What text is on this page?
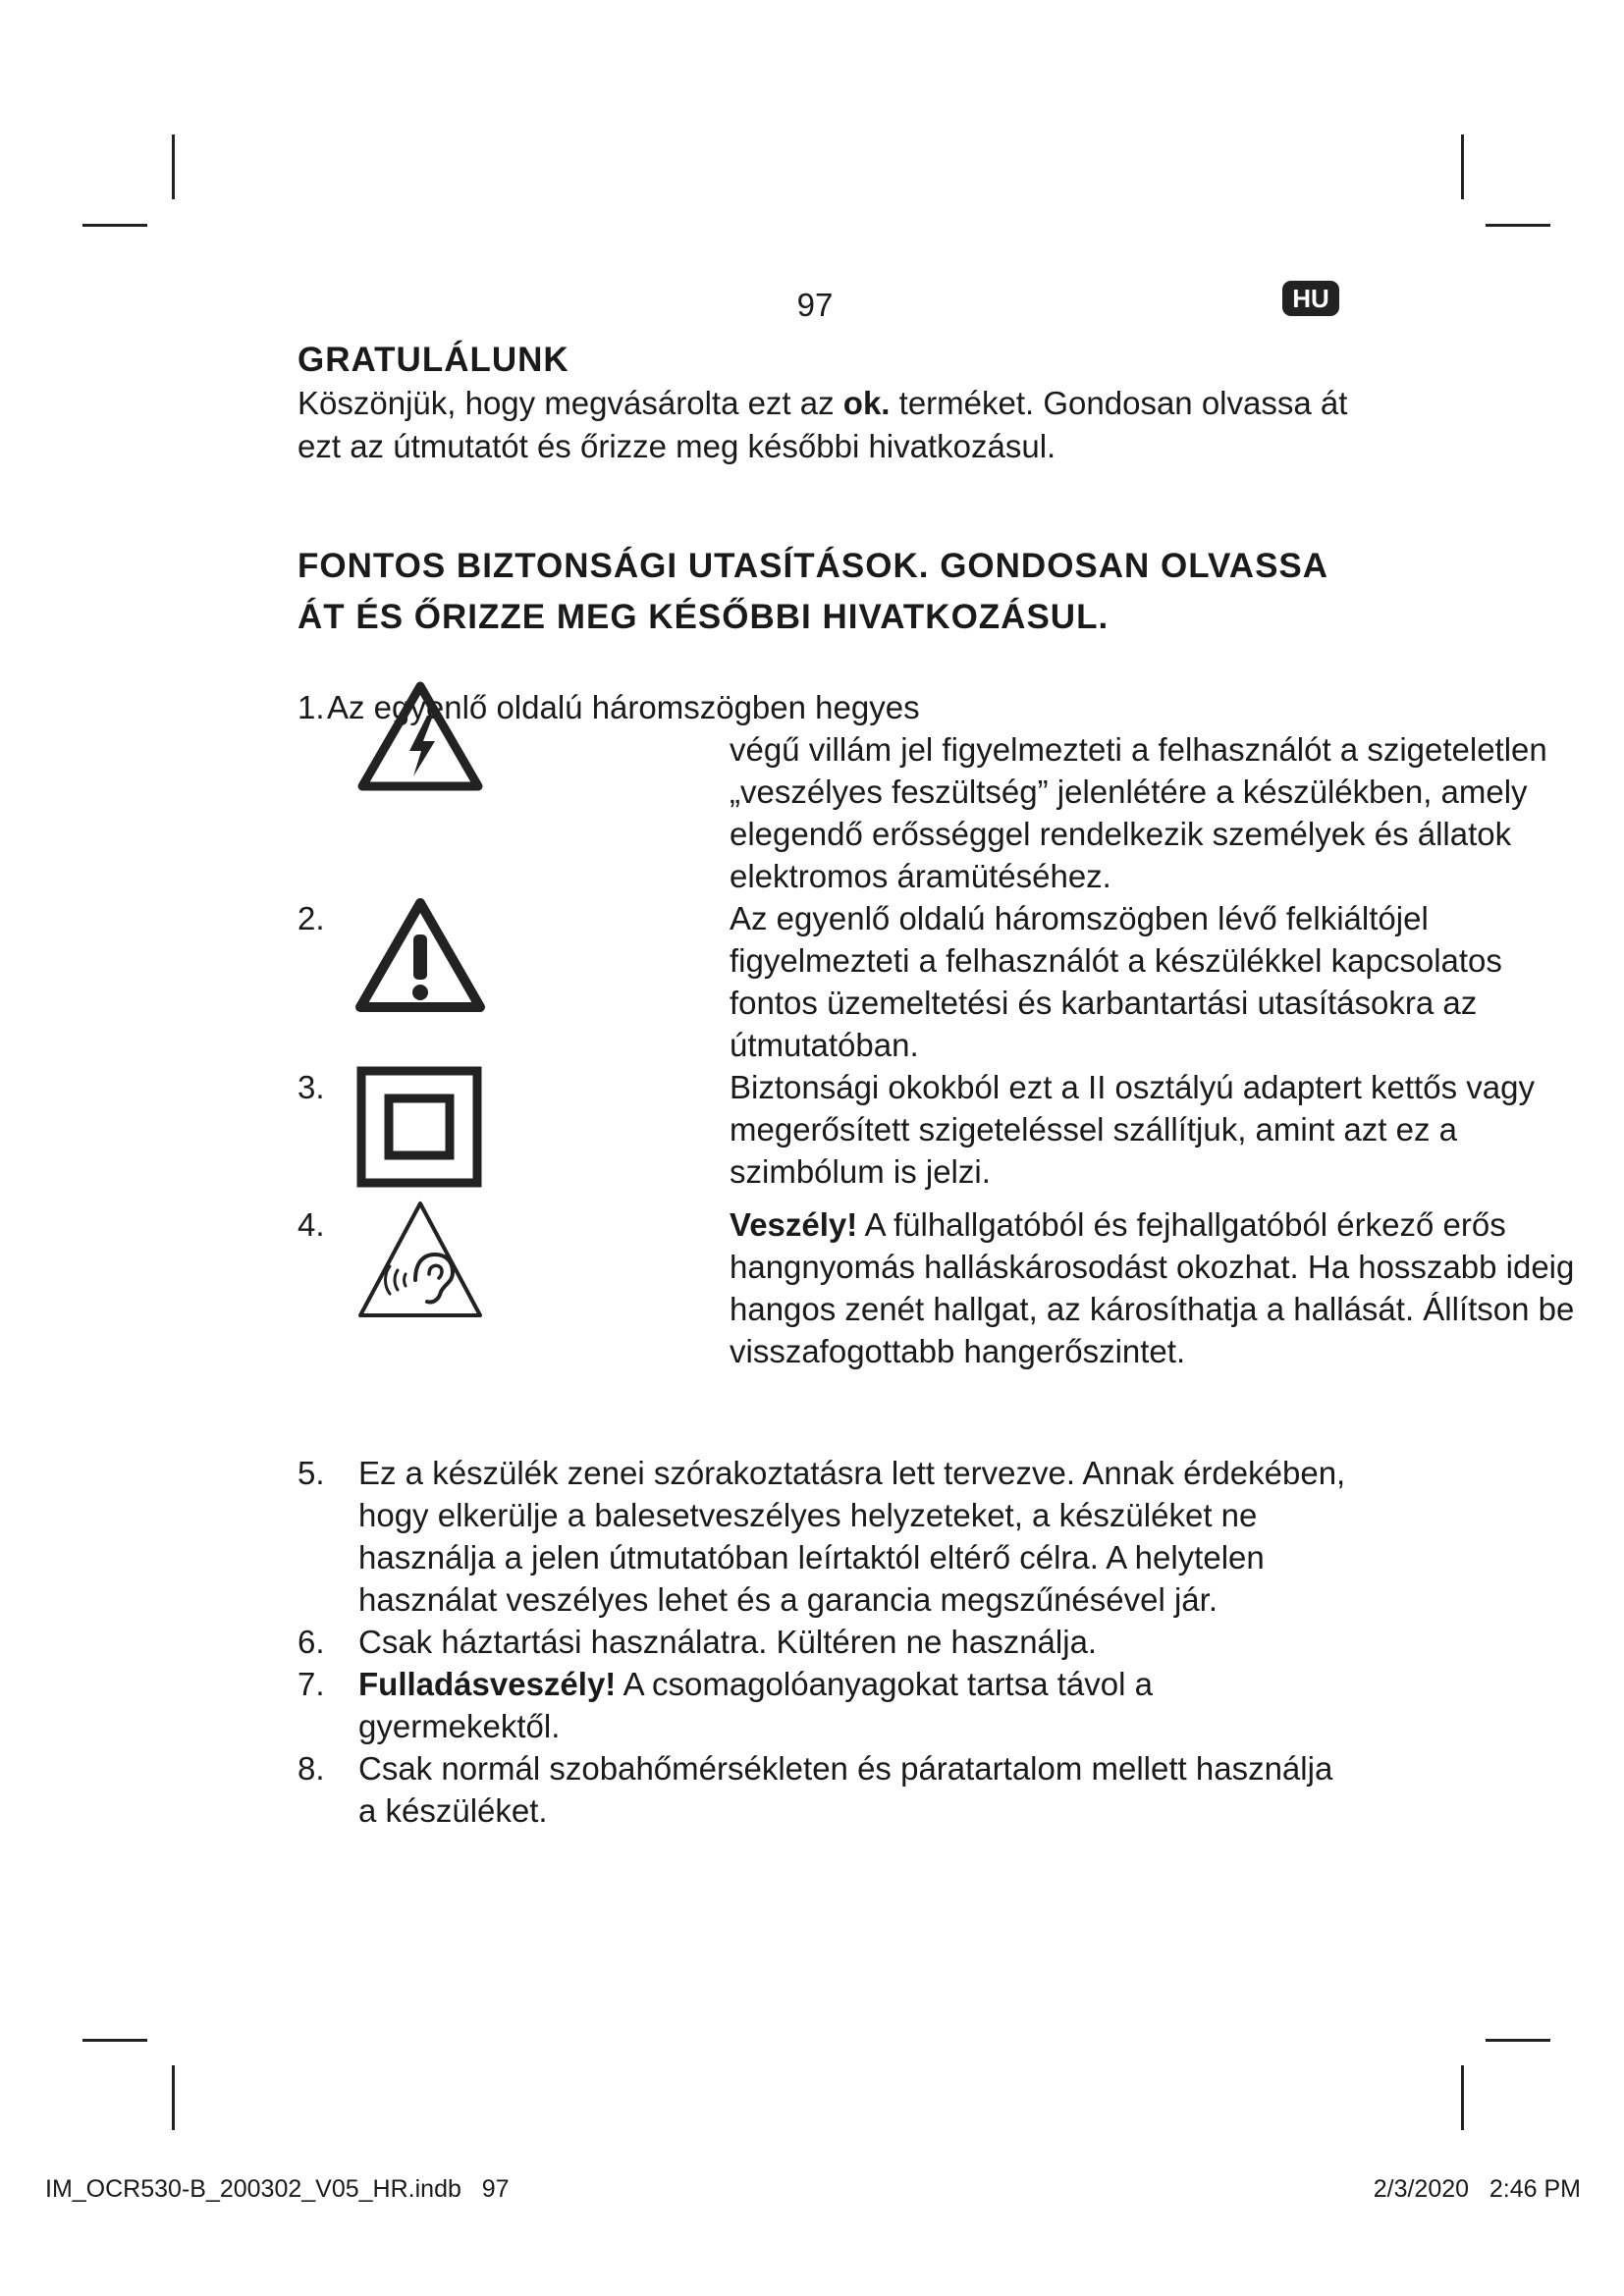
97	HU
GRATULÁLUNK

Köszönjük, hogy megvásárolta ezt az ok. terméket. Gondosan olvassa át ezt az útmutatót és őrizze meg későbbi hivatkozásul.

FONTOS BIZTONSÁGI UTASÍTÁSOK. GONDOSAN OLVASSA ÁT ÉS ŐRIZZE MEG KÉSŐBBI HIVATKOZÁSUL.
1. Az egyenlő oldalú háromszögben hegyes
végű villám jel figyelmezteti a felhasználót a szigeteletlen „veszélyes feszültség” jelenlétére a készülékben, amely elegendő erősséggel rendelkezik személyek és állatok elektromos áramütéséhez.
2.	Az egyenlő oldalú háromszögben lévő felkiáltójel figyelmezteti a felhasználót a készülékkel kapcsolatos fontos üzemeltetési és karbantartási utasításokra az útmutatóban.
3.	Biztonsági okokból ezt a II osztályú adaptert kettős vagy megerősített szigeteléssel szállítjuk, amint azt ez a szimbólum is jelzi.
4.	Veszély! A fülhallgatóból és fejhallgatóból érkező erős hangnyomás halláskárosodást okozhat. Ha hosszabb ideig hangos zenét hallgat, az károsíthatja a hallását. Állítson be visszafogottabb hangerőszintet.
5. Ez a készülék zenei szórakoztatásra lett tervezve. Annak érdekében, hogy elkerülje a balesetveszélyes helyzeteket, a készüléket ne használja a jelen útmutatóban leírtaktól eltérő célra. A helytelen használat veszélyes lehet és a garancia megszűnésével jár.
6. Csak háztartási használatra. Kültéren ne használja.
7. Fulladásveszély! A csomagolóanyagokat tartsa távol a gyermekektől.
8. Csak normál szobahőmérsékleten és páratartalom mellett használja a készüléket.
IM_OCR530-B_200302_V05_HR.indb   97	2/3/2020   2:46 PM
